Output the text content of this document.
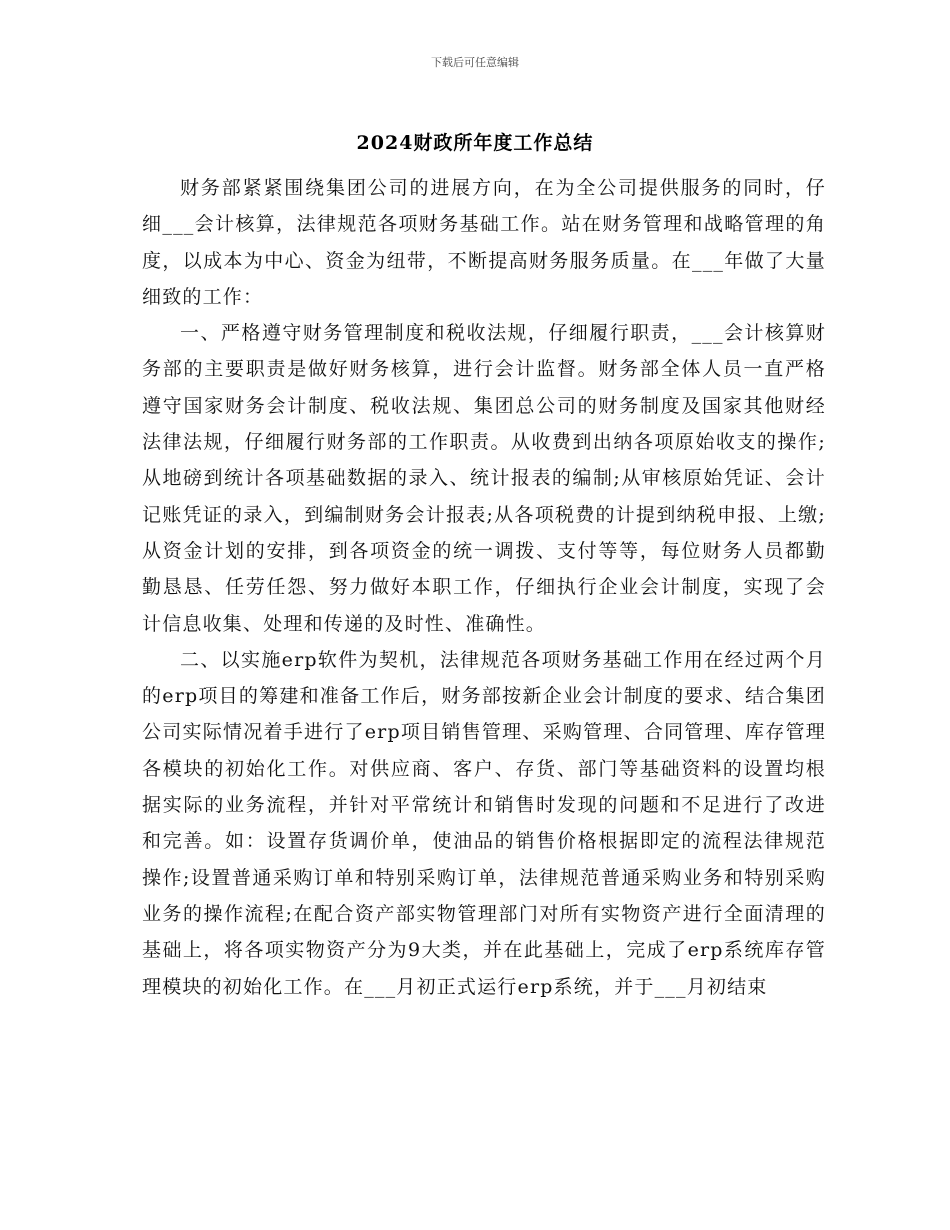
下载后可任意编辑
2024财政所年度工作总结

财务部紧紧围绕集团公司的进展方向，在为全公司提供服务的同时，仔细___会计核算，法律规范各项财务基础工作。站在财务管理和战略管理的角度，以成本为中心、资金为纽带，不断提高财务服务质量。在___年做了大量细致的工作：

一、严格遵守财务管理制度和税收法规，仔细履行职责，___会计核算财务部的主要职责是做好财务核算，进行会计监督。财务部全体人员一直严格遵守国家财务会计制度、税收法规、集团总公司的财务制度及国家其他财经法律法规，仔细履行财务部的工作职责。从收费到出纳各项原始收支的操作;从地磅到统计各项基础数据的录入、统计报表的编制;从审核原始凭证、会计记账凭证的录入，到编制财务会计报表;从各项税费的计提到纳税申报、上缴;从资金计划的安排，到各项资金的统一调拨、支付等等，每位财务人员都勤勤恳恳、任劳任怨、努力做好本职工作，仔细执行企业会计制度，实现了会计信息收集、处理和传递的及时性、准确性。

二、以实施erp软件为契机，法律规范各项财务基础工作用在经过两个月的erp项目的筹建和准备工作后，财务部按新企业会计制度的要求、结合集团公司实际情况着手进行了erp项目销售管理、采购管理、合同管理、库存管理各模块的初始化工作。对供应商、客户、存货、部门等基础资料的设置均根据实际的业务流程，并针对平常统计和销售时发现的问题和不足进行了改进和完善。如：设置存货调价单，使油品的销售价格根据即定的流程法律规范操作;设置普通采购订单和特别采购订单，法律规范普通采购业务和特别采购业务的操作流程;在配合资产部实物管理部门对所有实物资产进行全面清理的基础上，将各项实物资产分为9大类，并在此基础上，完成了erp系统库存管理模块的初始化工作。在___月初正式运行erp系统，并于___月初结束
